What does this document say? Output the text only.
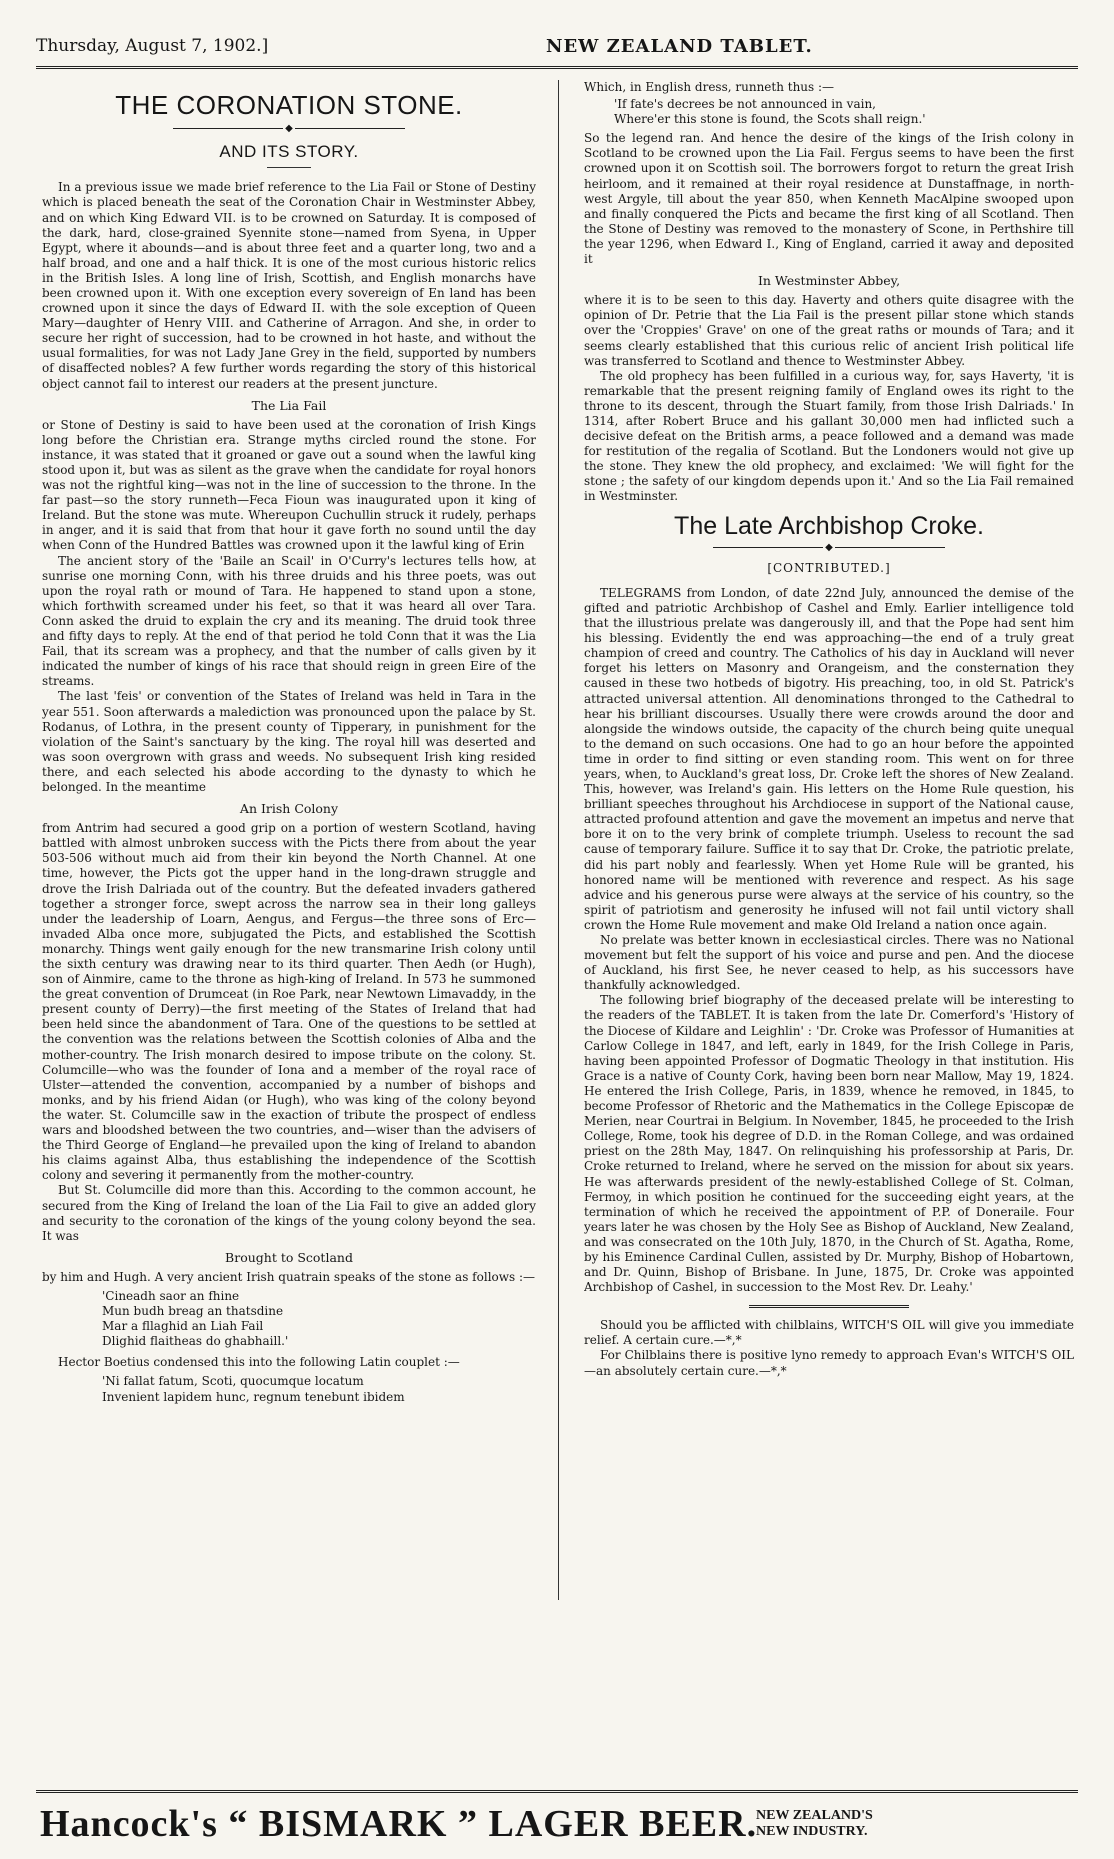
Thursday, August 7, 1902.]	NEW ZEALAND TABLET.
THE CORONATION STONE.
◆
AND ITS STORY.

In a previous issue we made brief reference to the Lia Fail or Stone of Destiny which is placed beneath the seat of the Coronation Chair in Westminster Abbey, and on which King Edward VII. is to be crowned on Saturday. It is composed of the dark, hard, close-grained Syennite stone—named from Syena, in Upper Egypt, where it abounds—and is about three feet and a quarter long, two and a half broad, and one and a half thick. It is one of the most curious historic relics in the British Isles. A long line of Irish, Scottish, and English monarchs have been crowned upon it. With one exception every sovereign of En land has been crowned upon it since the days of Edward II. with the sole exception of Queen Mary—daughter of Henry VIII. and Catherine of Arragon. And she, in order to secure her right of succession, had to be crowned in hot haste, and without the usual formalities, for was not Lady Jane Grey in the field, supported by numbers of disaffected nobles? A few further words regarding the story of this historical object cannot fail to interest our readers at the present juncture.

The Lia Fail

or Stone of Destiny is said to have been used at the coronation of Irish Kings long before the Christian era. Strange myths circled round the stone. For instance, it was stated that it groaned or gave out a sound when the lawful king stood upon it, but was as silent as the grave when the candidate for royal honors was not the rightful king—was not in the line of succession to the throne. In the far past—so the story runneth—Feca Fioun was inaugurated upon it king of Ireland. But the stone was mute. Whereupon Cuchullin struck it rudely, perhaps in anger, and it is said that from that hour it gave forth no sound until the day when Conn of the Hundred Battles was crowned upon it the lawful king of Erin

The ancient story of the 'Baile an Scail' in O'Curry's lectures tells how, at sunrise one morning Conn, with his three druids and his three poets, was out upon the royal rath or mound of Tara. He happened to stand upon a stone, which forthwith screamed under his feet, so that it was heard all over Tara. Conn asked the druid to explain the cry and its meaning. The druid took three and fifty days to reply. At the end of that period he told Conn that it was the Lia Fail, that its scream was a prophecy, and that the number of calls given by it indicated the number of kings of his race that should reign in green Eire of the streams.

The last 'feis' or convention of the States of Ireland was held in Tara in the year 551. Soon afterwards a malediction was pronounced upon the palace by St. Rodanus, of Lothra, in the present county of Tipperary, in punishment for the violation of the Saint's sanctuary by the king. The royal hill was deserted and was soon overgrown with grass and weeds. No subsequent Irish king resided there, and each selected his abode according to the dynasty to which he belonged. In the meantime

An Irish Colony

from Antrim had secured a good grip on a portion of western Scotland, having battled with almost unbroken success with the Picts there from about the year 503-506 without much aid from their kin beyond the North Channel. At one time, however, the Picts got the upper hand in the long-drawn struggle and drove the Irish Dalriada out of the country. But the defeated invaders gathered together a stronger force, swept across the narrow sea in their long galleys under the leadership of Loarn, Aengus, and Fergus—the three sons of Erc—invaded Alba once more, subjugated the Picts, and established the Scottish monarchy. Things went gaily enough for the new transmarine Irish colony until the sixth century was drawing near to its third quarter. Then Aedh (or Hugh), son of Ainmire, came to the throne as high-king of Ireland. In 573 he summoned the great convention of Drumceat (in Roe Park, near Newtown Limavaddy, in the present county of Derry)—the first meeting of the States of Ireland that had been held since the abandonment of Tara. One of the questions to be settled at the convention was the relations between the Scottish colonies of Alba and the mother-country. The Irish monarch desired to impose tribute on the colony. St. Columcille—who was the founder of Iona and a member of the royal race of Ulster—attended the convention, accompanied by a number of bishops and monks, and by his friend Aidan (or Hugh), who was king of the colony beyond the water. St. Columcille saw in the exaction of tribute the prospect of endless wars and bloodshed between the two countries, and—wiser than the advisers of the Third George of England—he prevailed upon the king of Ireland to abandon his claims against Alba, thus establishing the independence of the Scottish colony and severing it permanently from the mother-country.

But St. Columcille did more than this. According to the common account, he secured from the King of Ireland the loan of the Lia Fail to give an added glory and security to the coronation of the kings of the young colony beyond the sea. It was

Brought to Scotland

by him and Hugh. A very ancient Irish quatrain speaks of the stone as follows :—

'Cineadh saor an fhine
Mun budh breag an thatsdine
Mar a fllaghid an Liah Fail
Dlighid flaitheas do ghabhaill.'

Hector Boetius condensed this into the following Latin couplet :—

'Ni fallat fatum, Scoti, quocumque locatum
Invenient lapidem hunc, regnum tenebunt ibidem

Which, in English dress, runneth thus :—

'If fate's decrees be not announced in vain,
Where'er this stone is found, the Scots shall reign.'

So the legend ran. And hence the desire of the kings of the Irish colony in Scotland to be crowned upon the Lia Fail. Fergus seems to have been the first crowned upon it on Scottish soil. The borrowers forgot to return the great Irish heirloom, and it remained at their royal residence at Dunstaffnage, in north-west Argyle, till about the year 850, when Kenneth MacAlpine swooped upon and finally conquered the Picts and became the first king of all Scotland. Then the Stone of Destiny was removed to the monastery of Scone, in Perthshire till the year 1296, when Edward I., King of England, carried it away and deposited it

In Westminster Abbey,

where it is to be seen to this day. Haverty and others quite disagree with the opinion of Dr. Petrie that the Lia Fail is the present pillar stone which stands over the 'Croppies' Grave' on one of the great raths or mounds of Tara; and it seems clearly established that this curious relic of ancient Irish political life was transferred to Scotland and thence to Westminster Abbey.

The old prophecy has been fulfilled in a curious way, for, says Haverty, 'it is remarkable that the present reigning family of England owes its right to the throne to its descent, through the Stuart family, from those Irish Dalriads.' In 1314, after Robert Bruce and his gallant 30,000 men had inflicted such a decisive defeat on the British arms, a peace followed and a demand was made for restitution of the regalia of Scotland. But the Londoners would not give up the stone. They knew the old prophecy, and exclaimed: 'We will fight for the stone ; the safety of our kingdom depends upon it.' And so the Lia Fail remained in Westminster.

The Late Archbishop Croke.
◆
[CONTRIBUTED.]

TELEGRAMS from London, of date 22nd July, announced the demise of the gifted and patriotic Archbishop of Cashel and Emly. Earlier intelligence told that the illustrious prelate was dangerously ill, and that the Pope had sent him his blessing. Evidently the end was approaching—the end of a truly great champion of creed and country. The Catholics of his day in Auckland will never forget his letters on Masonry and Orangeism, and the consternation they caused in these two hotbeds of bigotry. His preaching, too, in old St. Patrick's attracted universal attention. All denominations thronged to the Cathedral to hear his brilliant discourses. Usually there were crowds around the door and alongside the windows outside, the capacity of the church being quite unequal to the demand on such occasions. One had to go an hour before the appointed time in order to find sitting or even standing room. This went on for three years, when, to Auckland's great loss, Dr. Croke left the shores of New Zealand. This, however, was Ireland's gain. His letters on the Home Rule question, his brilliant speeches throughout his Archdiocese in support of the National cause, attracted profound attention and gave the movement an impetus and nerve that bore it on to the very brink of complete triumph. Useless to recount the sad cause of temporary failure. Suffice it to say that Dr. Croke, the patriotic prelate, did his part nobly and fearlessly. When yet Home Rule will be granted, his honored name will be mentioned with reverence and respect. As his sage advice and his generous purse were always at the service of his country, so the spirit of patriotism and generosity he infused will not fail until victory shall crown the Home Rule movement and make Old Ireland a nation once again.

No prelate was better known in ecclesiastical circles. There was no National movement but felt the support of his voice and purse and pen. And the diocese of Auckland, his first See, he never ceased to help, as his successors have thankfully acknowledged.

The following brief biography of the deceased prelate will be interesting to the readers of the TABLET. It is taken from the late Dr. Comerford's 'History of the Diocese of Kildare and Leighlin' : 'Dr. Croke was Professor of Humanities at Carlow College in 1847, and left, early in 1849, for the Irish College in Paris, having been appointed Professor of Dogmatic Theology in that institution. His Grace is a native of County Cork, having been born near Mallow, May 19, 1824. He entered the Irish College, Paris, in 1839, whence he removed, in 1845, to become Professor of Rhetoric and the Mathematics in the College Episcopæ de Merien, near Courtrai in Belgium. In November, 1845, he proceeded to the Irish College, Rome, took his degree of D.D. in the Roman College, and was ordained priest on the 28th May, 1847. On relinquishing his professorship at Paris, Dr. Croke returned to Ireland, where he served on the mission for about six years. He was afterwards president of the newly-established College of St. Colman, Fermoy, in which position he continued for the succeeding eight years, at the termination of which he received the appointment of P.P. of Doneraile. Four years later he was chosen by the Holy See as Bishop of Auckland, New Zealand, and was consecrated on the 10th July, 1870, in the Church of St. Agatha, Rome, by his Eminence Cardinal Cullen, assisted by Dr. Murphy, Bishop of Hobartown, and Dr. Quinn, Bishop of Brisbane. In June, 1875, Dr. Croke was appointed Archbishop of Cashel, in succession to the Most Rev. Dr. Leahy.'

Should you be afflicted with chilblains, WITCH'S OIL will give you immediate relief. A certain cure.—*,*

For Chilblains there is positive lyno remedy to approach Evan's WITCH'S OIL—an absolutely certain cure.—*,*

Hancock's “ BISMARK ” LAGER BEER.
NEW ZEALAND'S
NEW INDUSTRY.
